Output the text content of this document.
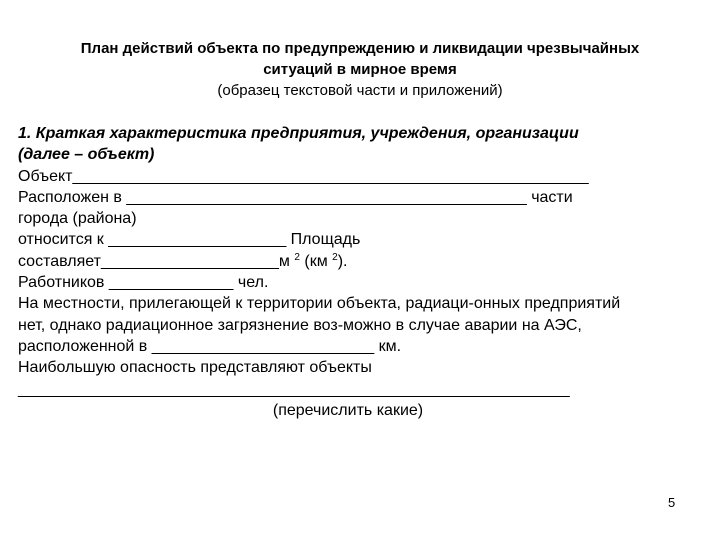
План действий объекта по предупреждению и ликвидации чрезвычайных
ситуаций в мирное время
(образец текстовой части и приложений)
1. Краткая характеристика предприятия, учреждения, организации
(далее – объект)
Объект__________________________________________________________
Расположен в _____________________________________________ части
города (района)
относится к ____________________ Площадь
составляет____________________м $^2$ (км $^2$).
Работников ______________ чел.
На местности, прилегающей к территории объекта, радиаци-онных предприятий
нет, однако радиационное загрязнение воз-можно в случае аварии на АЭС,
расположенной в _________________________ км.
Наибольшую опасность представляют объекты
______________________________________________________________
(перечислить какие)
5
